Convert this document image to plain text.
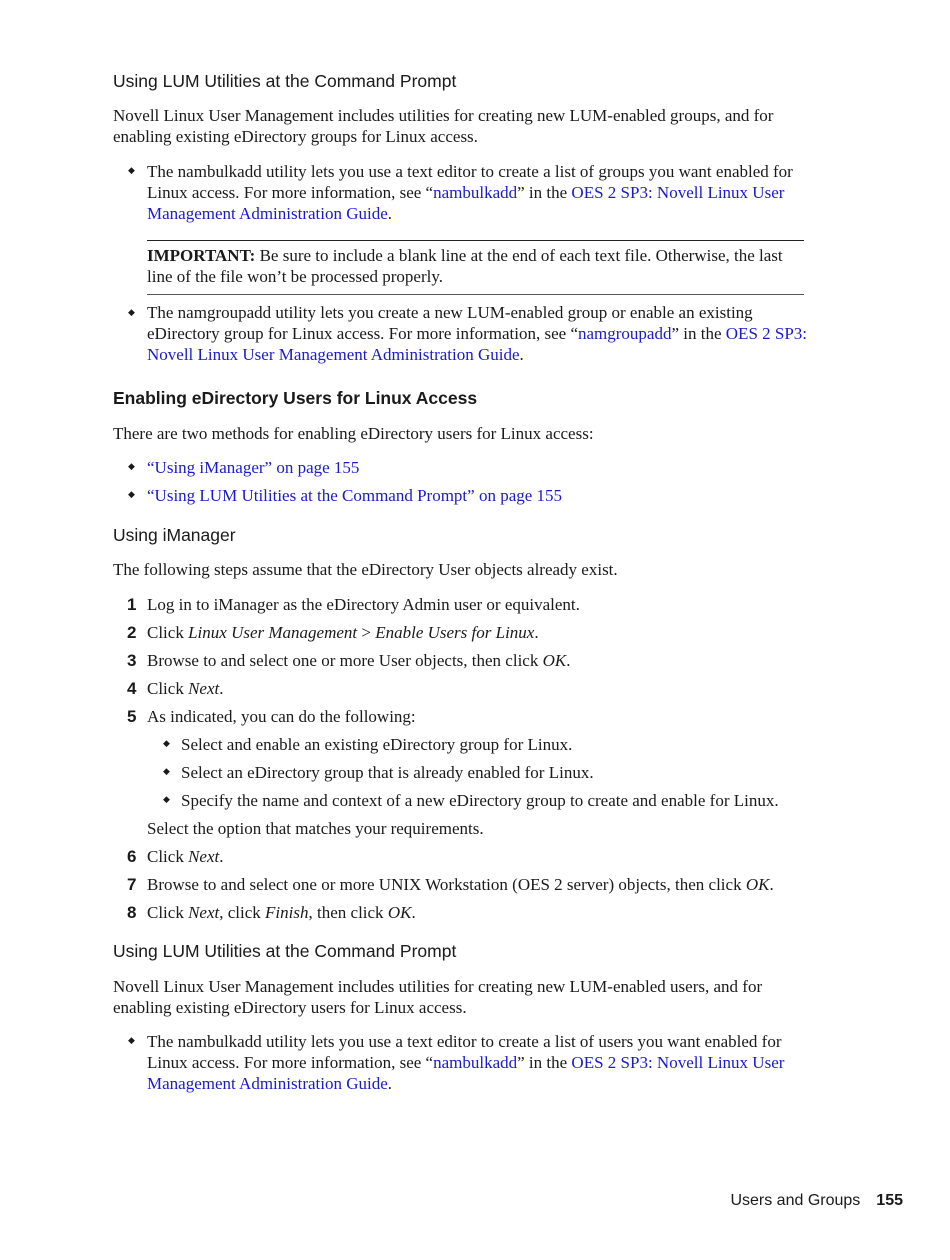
Using LUM Utilities at the Command Prompt
Novell Linux User Management includes utilities for creating new LUM-enabled groups, and for enabling existing eDirectory groups for Linux access.
◆ The nambulkadd utility lets you use a text editor to create a list of groups you want enabled for Linux access. For more information, see “nambulkadd” in the OES 2 SP3: Novell Linux User Management Administration Guide.
IMPORTANT: Be sure to include a blank line at the end of each text file. Otherwise, the last line of the file won’t be processed properly.
◆ The namgroupadd utility lets you create a new LUM-enabled group or enable an existing eDirectory group for Linux access. For more information, see “namgroupadd” in the OES 2 SP3: Novell Linux User Management Administration Guide.
Enabling eDirectory Users for Linux Access
There are two methods for enabling eDirectory users for Linux access:
◆ “Using iManager” on page 155
◆ “Using LUM Utilities at the Command Prompt” on page 155
Using iManager
The following steps assume that the eDirectory User objects already exist.
1 Log in to iManager as the eDirectory Admin user or equivalent.
2 Click Linux User Management > Enable Users for Linux.
3 Browse to and select one or more User objects, then click OK.
4 Click Next.
5 As indicated, you can do the following:
◆ Select and enable an existing eDirectory group for Linux.
◆ Select an eDirectory group that is already enabled for Linux.
◆ Specify the name and context of a new eDirectory group to create and enable for Linux.
Select the option that matches your requirements.
6 Click Next.
7 Browse to and select one or more UNIX Workstation (OES 2 server) objects, then click OK.
8 Click Next, click Finish, then click OK.
Using LUM Utilities at the Command Prompt
Novell Linux User Management includes utilities for creating new LUM-enabled users, and for enabling existing eDirectory users for Linux access.
◆ The nambulkadd utility lets you use a text editor to create a list of users you want enabled for Linux access. For more information, see “nambulkadd” in the OES 2 SP3: Novell Linux User Management Administration Guide.
Users and Groups 155
